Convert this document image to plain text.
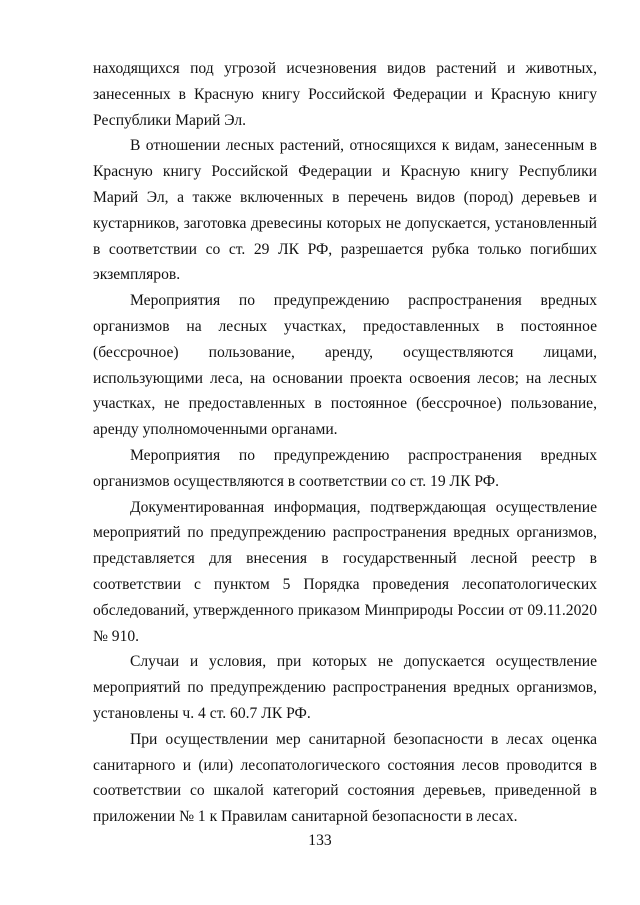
находящихся под угрозой исчезновения видов растений и животных, занесенных в Красную книгу Российской Федерации и Красную книгу Республики Марий Эл.

В отношении лесных растений, относящихся к видам, занесенным в Красную книгу Российской Федерации и Красную книгу Республики Марий Эл, а также включенных в перечень видов (пород) деревьев и кустарников, заготовка древесины которых не допускается, установленный в соответствии со ст. 29 ЛК РФ, разрешается рубка только погибших экземпляров.

Мероприятия по предупреждению распространения вредных организмов на лесных участках, предоставленных в постоянное (бессрочное) пользование, аренду, осуществляются лицами, использующими леса, на основании проекта освоения лесов; на лесных участках, не предоставленных в постоянное (бессрочное) пользование, аренду уполномоченными органами.

Мероприятия по предупреждению распространения вредных организмов осуществляются в соответствии со ст. 19 ЛК РФ.

Документированная информация, подтверждающая осуществление мероприятий по предупреждению распространения вредных организмов, представляется для внесения в государственный лесной реестр в соответствии с пунктом 5 Порядка проведения лесопатологических обследований, утвержденного приказом Минприроды России от 09.11.2020 № 910.

Случаи и условия, при которых не допускается осуществление мероприятий по предупреждению распространения вредных организмов, установлены ч. 4 ст. 60.7 ЛК РФ.

При осуществлении мер санитарной безопасности в лесах оценка санитарного и (или) лесопатологического состояния лесов проводится в соответствии со шкалой категорий состояния деревьев, приведенной в приложении № 1 к Правилам санитарной безопасности в лесах.

133
